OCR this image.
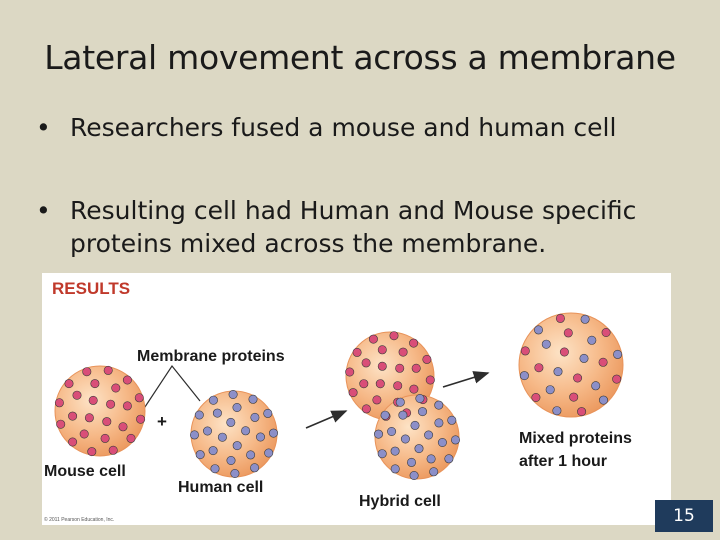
Lateral movement across a membrane
• Researchers fused a mouse and human cell
• Resulting cell had Human and Mouse specific proteins mixed across the membrane.
RESULTS
Membrane proteins
+
Mouse cell
Human cell
Hybrid cell
Mixed proteins
after 1 hour
© 2011 Pearson Education, Inc.	15
